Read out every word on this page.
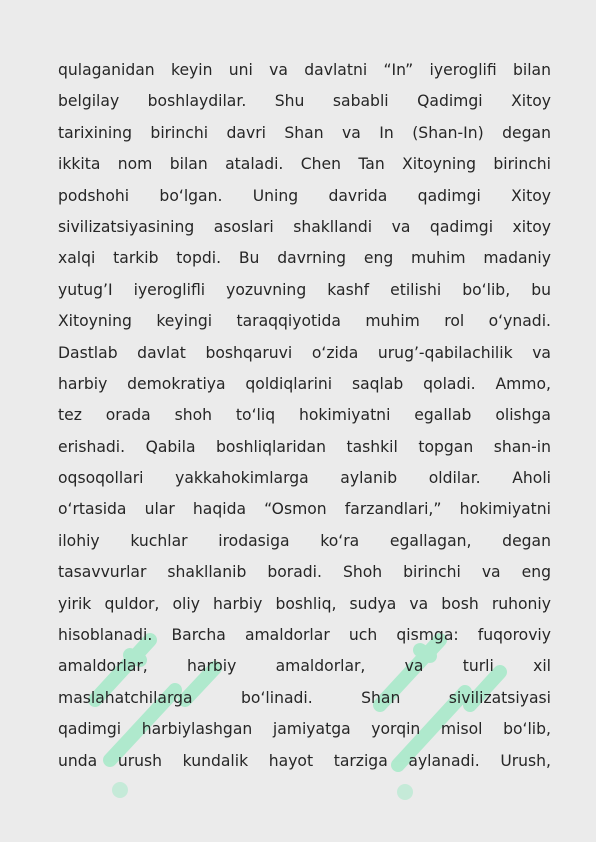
qulaganidan keyin uni va davlatni “In” iyeroglifi bilan
belgilay boshlaydilar. Shu sababli Qadimgi Xitoy
tarixining birinchi davri Shan va In (Shan-In) degan
ikkita nom bilan ataladi. Chen Tan Xitoyning birinchi
podshohi bo‘lgan. Uning davrida qadimgi Xitoy
sivilizatsiyasining asoslari shakllandi va qadimgi xitoy
xalqi tarkib topdi. Bu davrning eng muhim madaniy
yutug’I iyeroglifli yozuvning kashf etilishi bo‘lib, bu
Xitoyning keyingi taraqqiyotida muhim rol o‘ynadi.
Dastlab davlat boshqaruvi o‘zida urug’-qabilachilik va
harbiy demokratiya qoldiqlarini saqlab qoladi. Ammo,
tez orada shoh to‘liq hokimiyatni egallab olishga
erishadi. Qabila boshliqlaridan tashkil topgan shan-in
oqsoqollari yakkahokimlarga aylanib oldilar. Aholi
o‘rtasida ular haqida “Osmon farzandlari,” hokimiyatni
ilohiy kuchlar irodasiga ko‘ra egallagan, degan
tasavvurlar shakllanib boradi. Shoh birinchi va eng
yirik quldor, oliy harbiy boshliq, sudya va bosh ruhoniy
hisoblanadi. Barcha amaldorlar uch qismga: fuqoroviy
amaldorlar, harbiy amaldorlar, va turli xil
maslahatchilarga bo‘linadi. Shan sivilizatsiyasi
qadimgi harbiylashgan jamiyatga yorqin misol bo‘lib,
unda urush kundalik hayot tarziga aylanadi. Urush,
